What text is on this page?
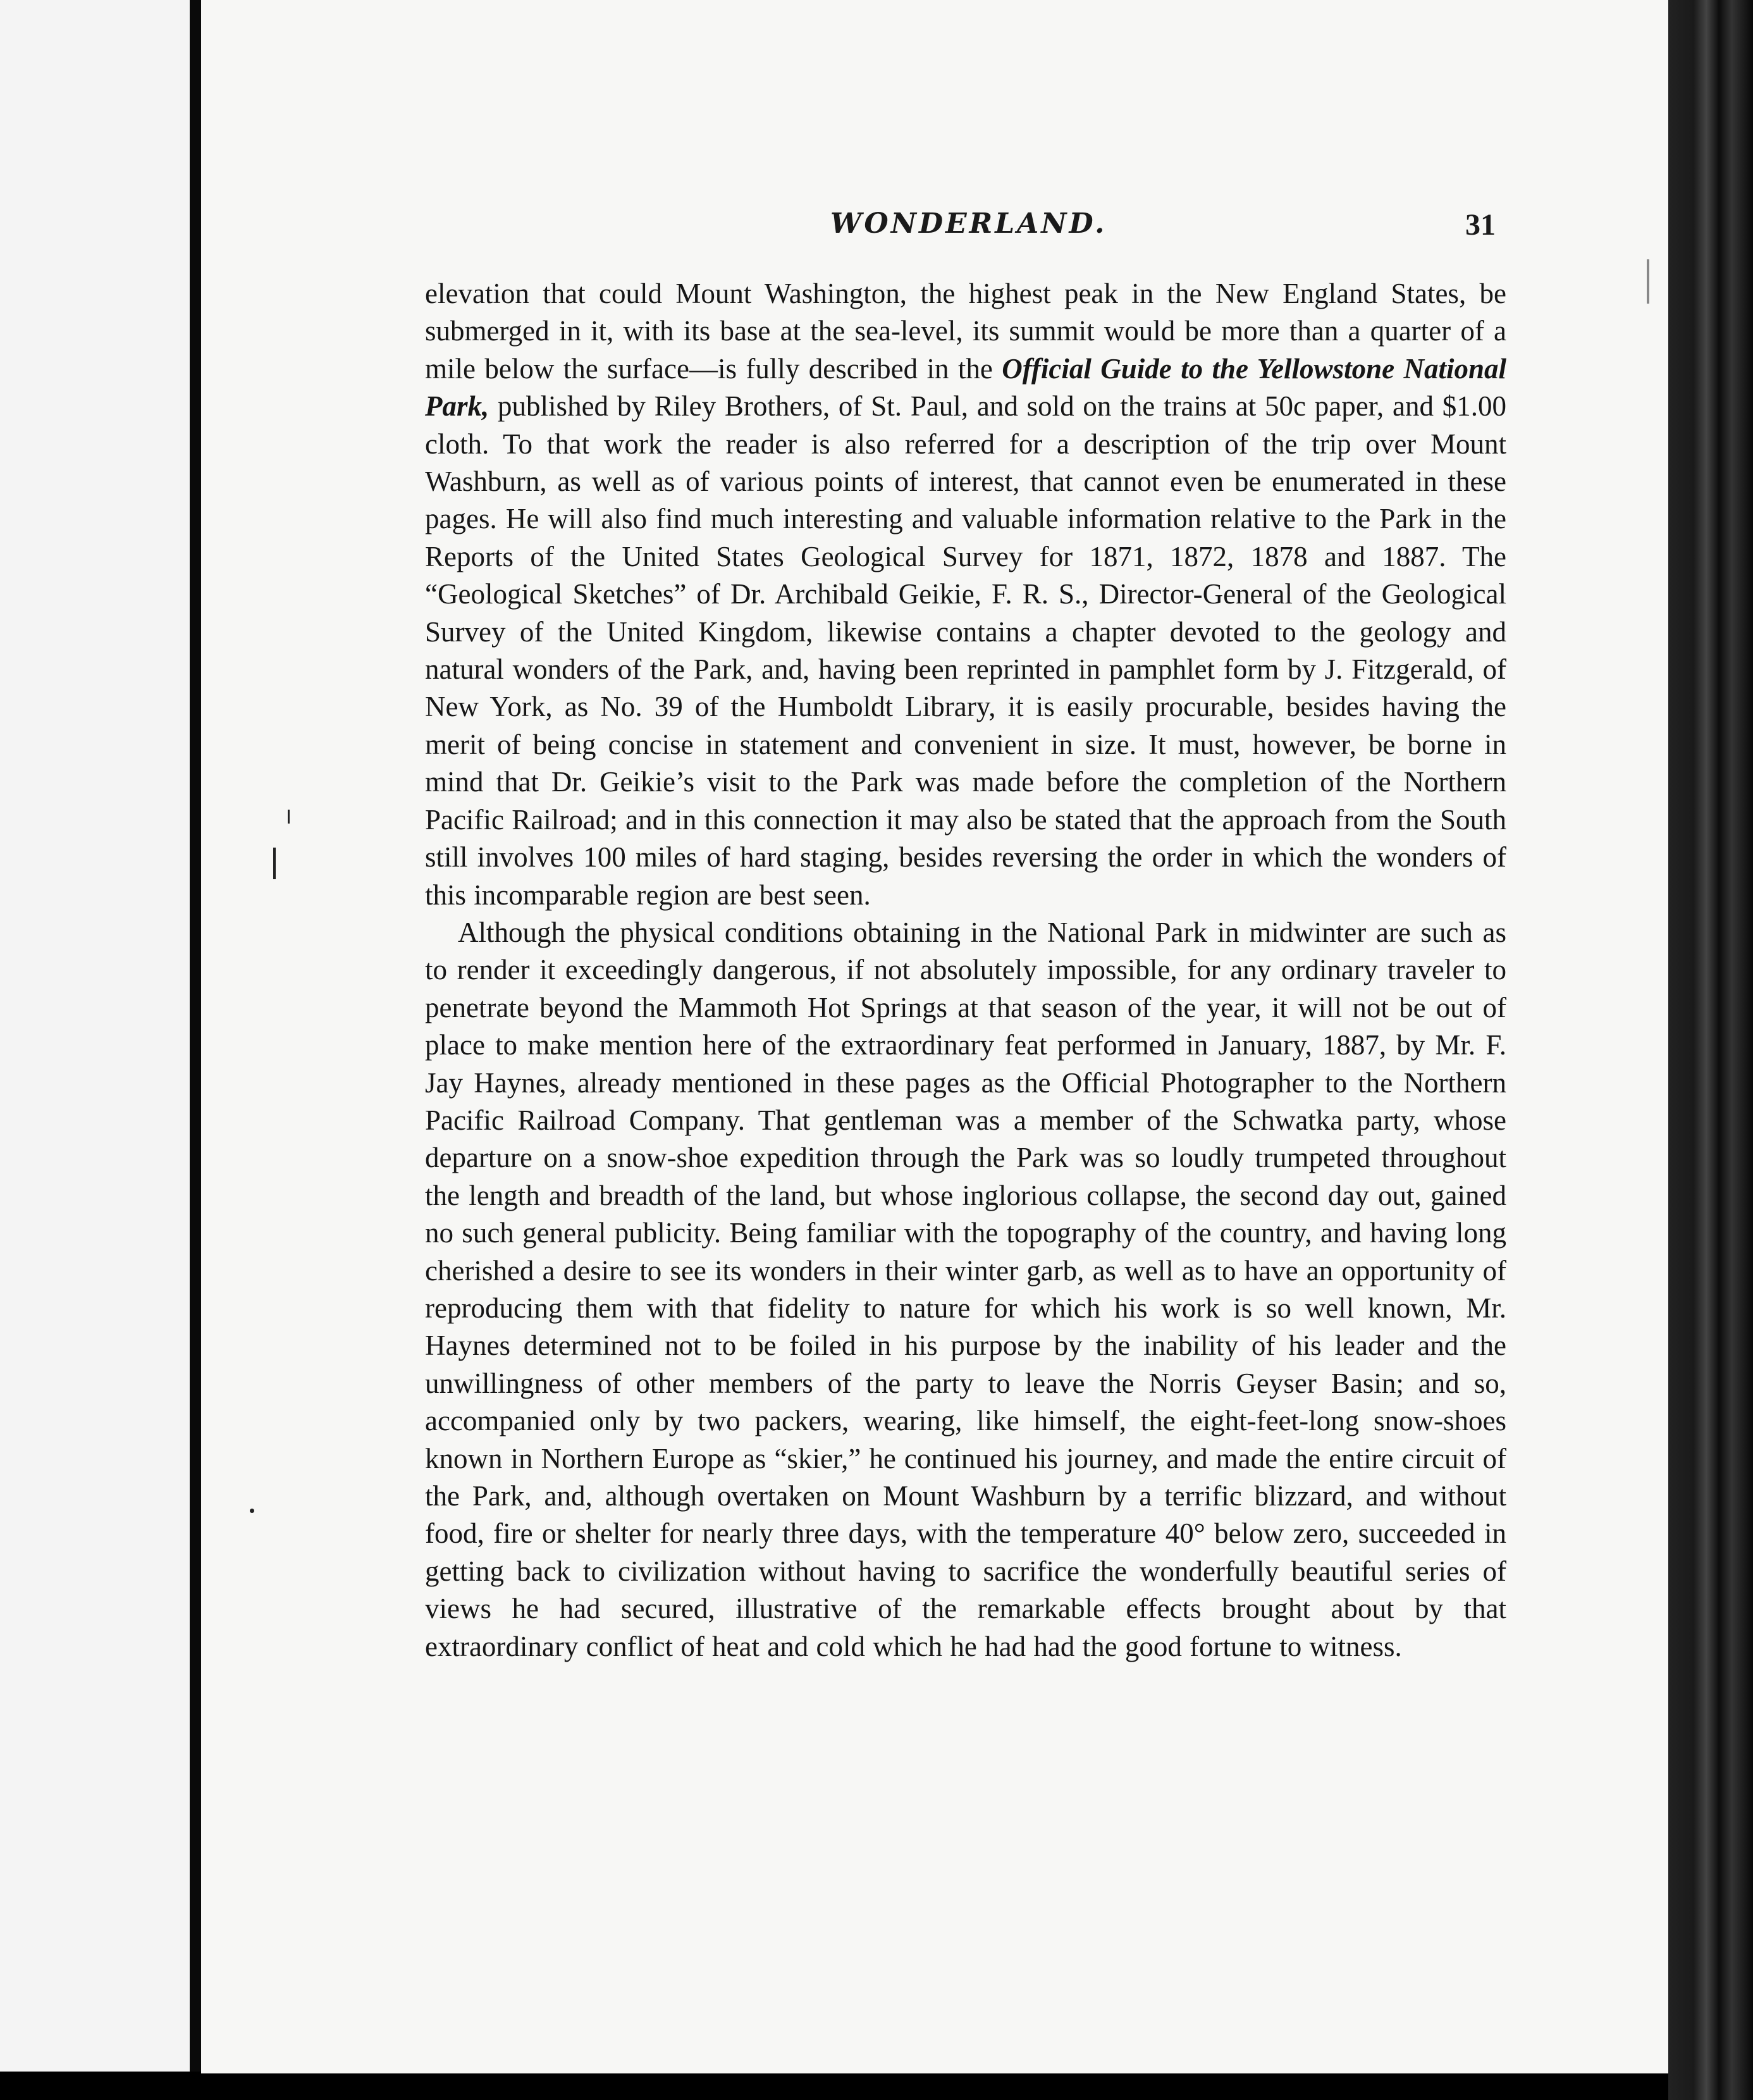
WONDERLAND.	31

elevation that could Mount Washington, the highest peak in the New England States, be submerged in it, with its base at the sea-level, its summit would be more than a quarter of a mile below the surface—is fully described in the Official Guide to the Yellowstone National Park, published by Riley Brothers, of St. Paul, and sold on the trains at 50c paper, and $1.00 cloth. To that work the reader is also referred for a description of the trip over Mount Washburn, as well as of various points of interest, that cannot even be enumerated in these pages. He will also find much interesting and valuable information relative to the Park in the Reports of the United States Geological Survey for 1871, 1872, 1878 and 1887. The “Geological Sketches” of Dr. Archibald Geikie, F. R. S., Director-General of the Geological Survey of the United Kingdom, likewise contains a chapter devoted to the geology and natural wonders of the Park, and, having been reprinted in pamphlet form by J. Fitzgerald, of New York, as No. 39 of the Humboldt Library, it is easily procurable, besides having the merit of being concise in statement and convenient in size. It must, however, be borne in mind that Dr. Geikie’s visit to the Park was made before the completion of the Northern Pacific Railroad; and in this connection it may also be stated that the approach from the South still involves 100 miles of hard staging, besides reversing the order in which the wonders of this incomparable region are best seen.

Although the physical conditions obtaining in the National Park in midwinter are such as to render it exceedingly dangerous, if not absolutely impossible, for any ordinary traveler to penetrate beyond the Mammoth Hot Springs at that season of the year, it will not be out of place to make mention here of the extraordinary feat performed in January, 1887, by Mr. F. Jay Haynes, already mentioned in these pages as the Official Photographer to the Northern Pacific Railroad Company. That gentleman was a member of the Schwatka party, whose departure on a snow-shoe expedition through the Park was so loudly trumpeted throughout the length and breadth of the land, but whose inglorious collapse, the second day out, gained no such general publicity. Being familiar with the topography of the country, and having long cherished a desire to see its wonders in their winter garb, as well as to have an opportunity of reproducing them with that fidelity to nature for which his work is so well known, Mr. Haynes determined not to be foiled in his purpose by the inability of his leader and the unwillingness of other members of the party to leave the Norris Geyser Basin; and so, accompanied only by two packers, wearing, like himself, the eight-feet-long snow-shoes known in Northern Europe as “skier,” he continued his journey, and made the entire circuit of the Park, and, although overtaken on Mount Washburn by a terrific blizzard, and without food, fire or shelter for nearly three days, with the temperature 40° below zero, succeeded in getting back to civilization without having to sacrifice the wonderfully beautiful series of views he had secured, illustrative of the remarkable effects brought about by that extraordinary conflict of heat and cold which he had had the good fortune to witness.
